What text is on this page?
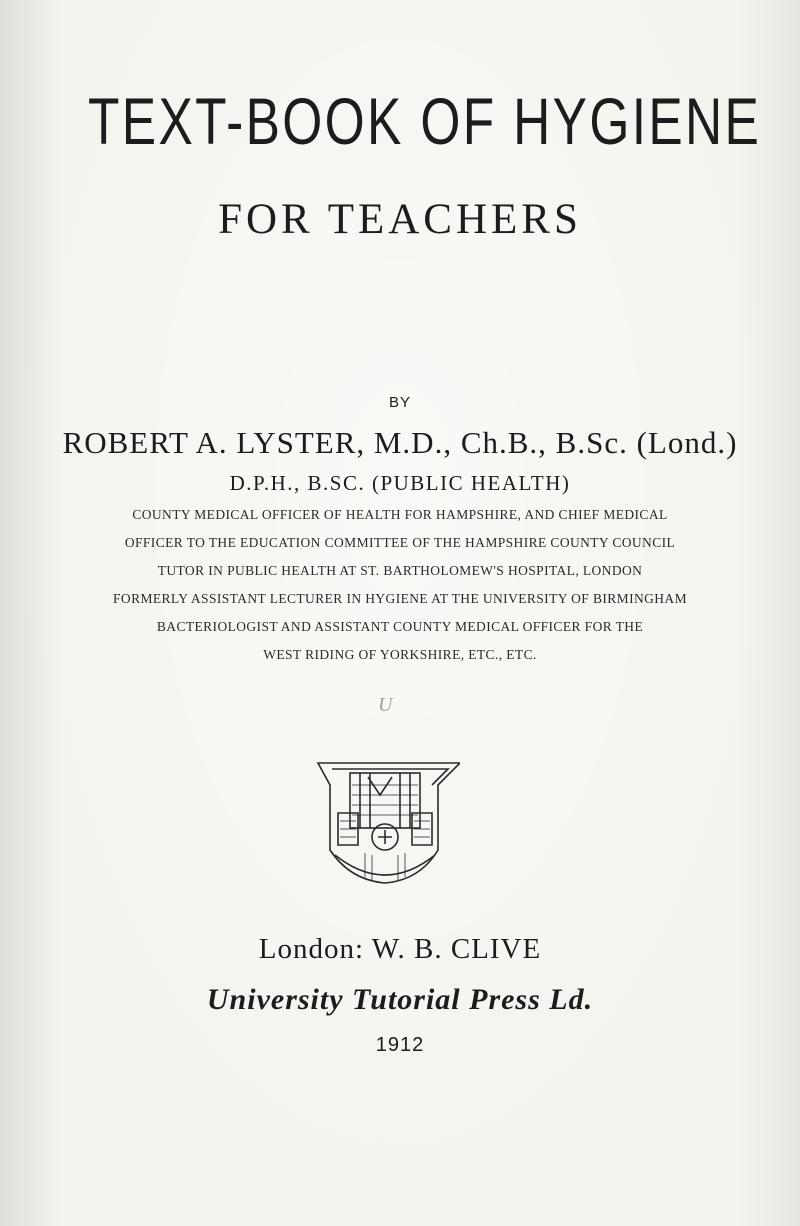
TEXT-BOOK OF HYGIENE
FOR TEACHERS
BY
ROBERT A. LYSTER, M.D., Ch.B., B.Sc. (Lond.)
D.P.H., B.SC. (PUBLIC HEALTH)
COUNTY MEDICAL OFFICER OF HEALTH FOR HAMPSHIRE, AND CHIEF MEDICAL
OFFICER TO THE EDUCATION COMMITTEE OF THE HAMPSHIRE COUNTY COUNCIL
TUTOR IN PUBLIC HEALTH AT ST. BARTHOLOMEW'S HOSPITAL, LONDON
FORMERLY ASSISTANT LECTURER IN HYGIENE AT THE UNIVERSITY OF BIRMINGHAM
BACTERIOLOGIST AND ASSISTANT COUNTY MEDICAL OFFICER FOR THE
WEST RIDING OF YORKSHIRE, ETC., ETC.
U
London: W. B. CLIVE
University Tutorial Press Ld.
1912
